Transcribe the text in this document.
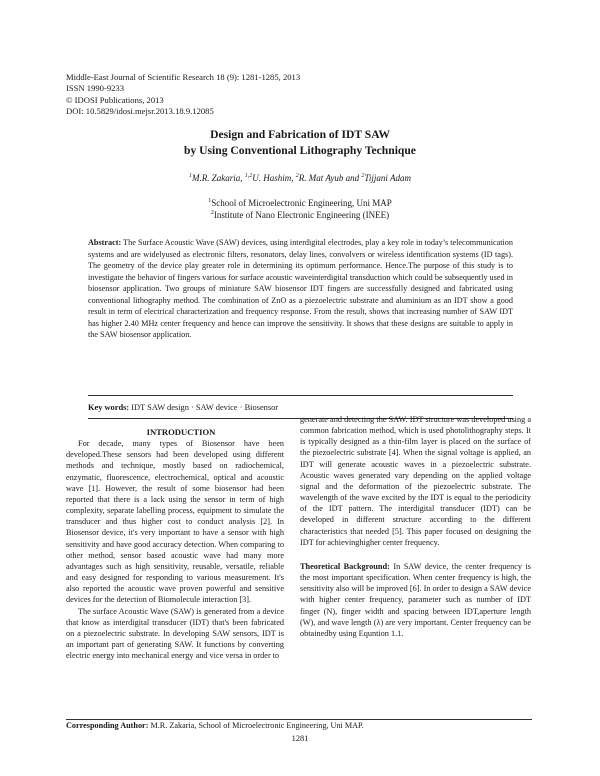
Middle-East Journal of Scientific Research 18 (9): 1281-1285, 2013
ISSN 1990-9233
© IDOSI Publications, 2013
DOI: 10.5829/idosi.mejsr.2013.18.9.12085
Design and Fabrication of IDT SAW
by Using Conventional Lithography Technique
$^1$M.R. Zakaria, $^{1,2}$U. Hashim, $^2$R. Mat Ayub and $^2$Tijjani Adam
$^1$School of Microelectronic Engineering, Uni MAP
$^2$Institute of Nano Electronic Engineering (INEE)
Abstract: The Surface Acoustic Wave (SAW) devices, using interdigital electrodes, play a key role in today’s telecommunication systems and are widelyused as electronic filters, resonators, delay lines, convolvers or wireless identification systems (ID tags). The geometry of the device play greater role in determining its optimum performance. Hence.The purpose of this study is to investigate the behavior of fingers various for surface acoustic waveinterdigital transduction which could be subsequently used in biosensor application. Two groups of miniature SAW biosensor IDT fingers are successfully designed and fabricated using conventional lithography method. The combination of ZnO as a piezoelectric substrate and aluminium as an IDT show a good result in term of electrical characterization and frequency response. From the result, shows that increasing number of SAW IDT has higher 2.40 MHz center frequency and hence can improve the sensitivity. It shows that these designs are suitable to apply in the SAW biosensor application.
Key words: IDT SAW design · SAW device · Biosensor

INTRODUCTION

For decade, many types of Biosensor have been developed.These sensors had been developed using different methods and technique, mostly based on radiochemical, enzymatic, fluorescence, electrochemical, optical and acoustic wave [1]. However, the result of some biosensor had been reported that there is a lack using the sensor in term of high complexity, separate labelling process, equipment to simulate the transducer and thus higher cost to conduct analysis [2]. In Biosensor device, it's very important to have a sensor with high sensitivity and have good accuracy detection. When comparing to other method, sensor based acoustic wave had many more advantages such as high sensitivity, reusable, versatile, reliable and easy designed for responding to various measurement. It's also reported the acoustic wave proven powerful and sensitive devices for the detection of Biomolecule interaction [3].

The surface Acoustic Wave (SAW) is generated from a device that know as interdigital transducer (IDT) that's been fabricated on a piezoelectric substrate. In developing SAW sensors, IDT is an important part of generating SAW. It functions by converting electric energy into mechanical energy and vice versa in order to

generate and detecting the SAW. IDT structure was developed using a common fabrication method, which is used photolithography steps. It is typically designed as a thin-film layer is placed on the surface of the piezoelectric substrate [4]. When the signal voltage is applied, an IDT will generate acoustic waves in a piezoelectric substrate. Acoustic waves generated vary depending on the applied voltage signal and the deformation of the piezoelectric substrate. The wavelength of the wave excited by the IDT is equal to the periodicity of the IDT pattern. The interdigital transducer (IDT) can be developed in different structure according to the different characteristics that needed [5]. This paper focused on designing the IDT for achievinghigher center frequency.

Theoretical Background: In SAW device, the center frequency is the most important specification. When center frequency is high, the sensitivity also will be improved [6]. In order to design a SAW device with higher center frequency, parameter such as number of IDT finger (N), finger width and spacing between IDT,aperture length (W), and wave length (λ) are very important. Center frequency can be obtainedby using Equntion 1.1.

Corresponding Author: M.R. Zakaria, School of Microelectronic Engineering, Uni MAP.
1281
